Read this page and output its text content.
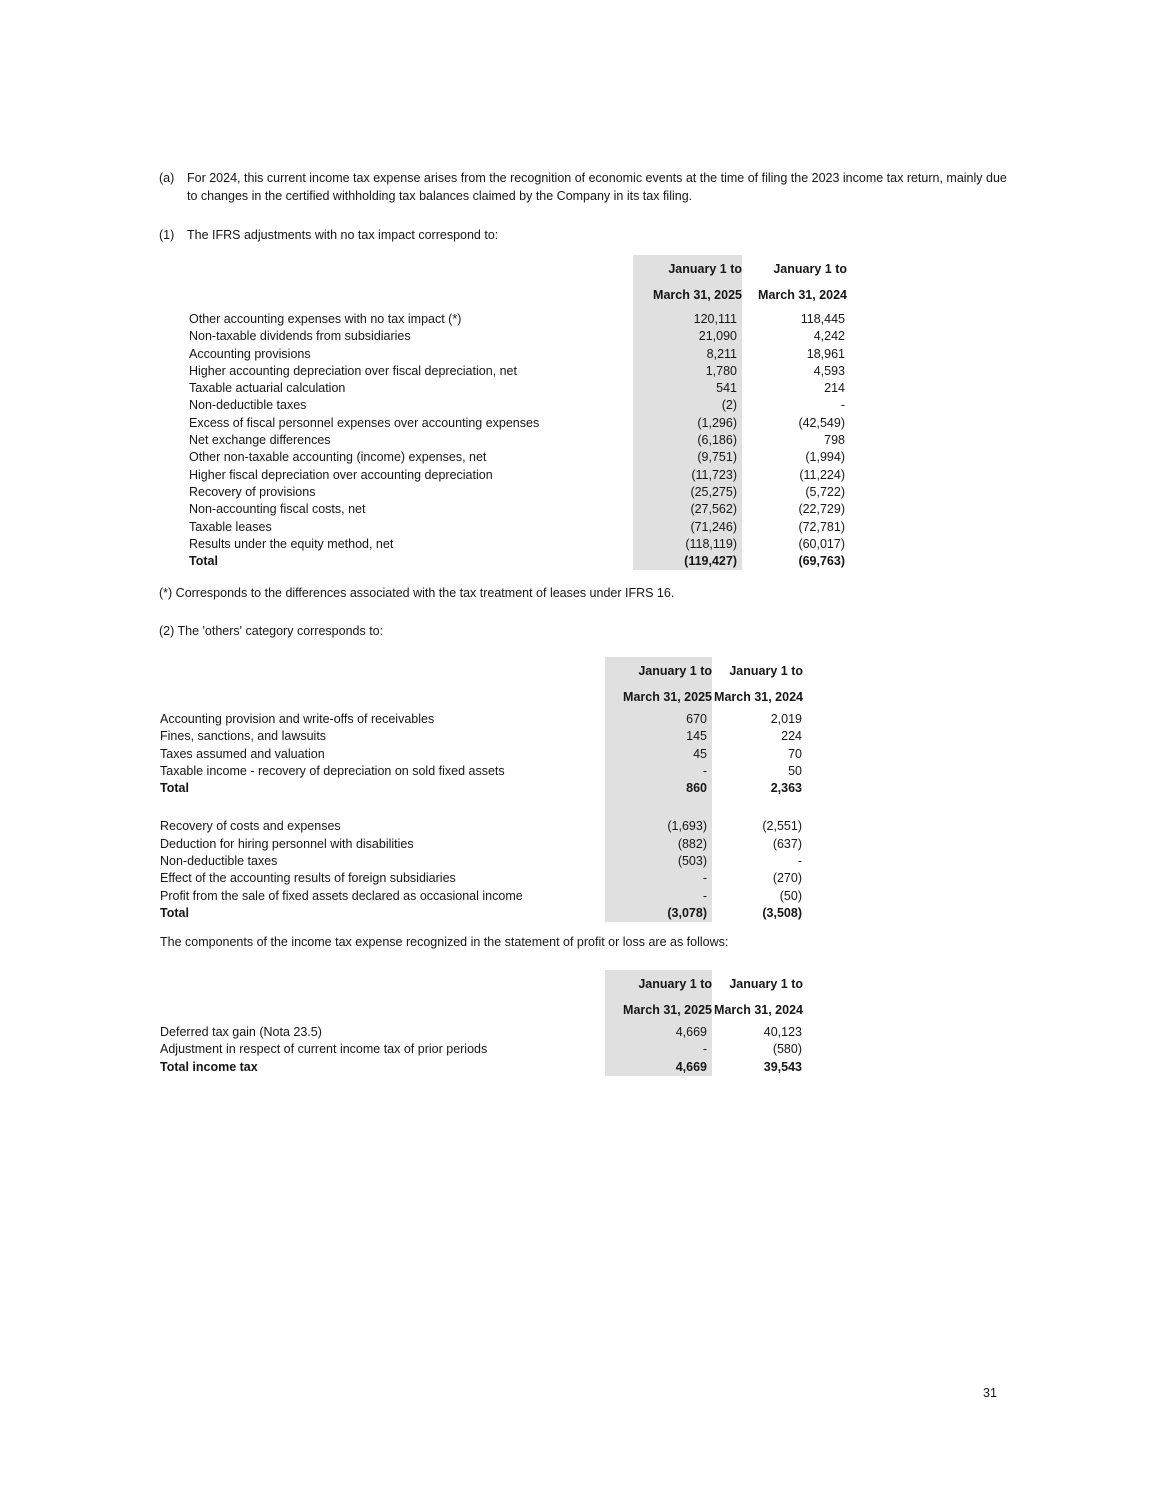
(a)	For 2024, this current income tax expense arises from the recognition of economic events at the time of filing the 2023 income tax return, mainly due to changes in the certified withholding tax balances claimed by the Company in its tax filing.
(1)	The IFRS adjustments with no tax impact correspond to:
January 1 to
March 31, 2025
January 1 to
March 31, 2024
Other accounting expenses with no tax impact (*)	120,111	118,445
Non-taxable dividends from subsidiaries	21,090	4,242
Accounting provisions	8,211	18,961
Higher accounting depreciation over fiscal depreciation, net	1,780	4,593
Taxable actuarial calculation	541	214
Non-deductible taxes	(2)	-
Excess of fiscal personnel expenses over accounting expenses	(1,296)	(42,549)
Net exchange differences	(6,186)	798
Other non-taxable accounting (income) expenses, net	(9,751)	(1,994)
Higher fiscal depreciation over accounting depreciation	(11,723)	(11,224)
Recovery of provisions	(25,275)	(5,722)
Non-accounting fiscal costs, net	(27,562)	(22,729)
Taxable leases	(71,246)	(72,781)
Results under the equity method, net	(118,119)	(60,017)
Total	(119,427)	(69,763)
(*) Corresponds to the differences associated with the tax treatment of leases under IFRS 16.
(2) The 'others' category corresponds to:
January 1 to
March 31, 2025
January 1 to
March 31, 2024
Accounting provision and write-offs of receivables	670	2,019
Fines, sanctions, and lawsuits	145	224
Taxes assumed and valuation	45	70
Taxable income - recovery of depreciation on sold fixed assets	-	50
Total	860	2,363
Recovery of costs and expenses	(1,693)	(2,551)
Deduction for hiring personnel with disabilities	(882)	(637)
Non-deductible taxes	(503)	-
Effect of the accounting results of foreign subsidiaries	-	(270)
Profit from the sale of fixed assets declared as occasional income	-	(50)
Total	(3,078)	(3,508)
The components of the income tax expense recognized in the statement of profit or loss are as follows:
January 1 to
March 31, 2025
January 1 to
March 31, 2024
Deferred tax gain (Nota 23.5)	4,669	40,123
Adjustment in respect of current income tax of prior periods	-	(580)
Total income tax	4,669	39,543
31
